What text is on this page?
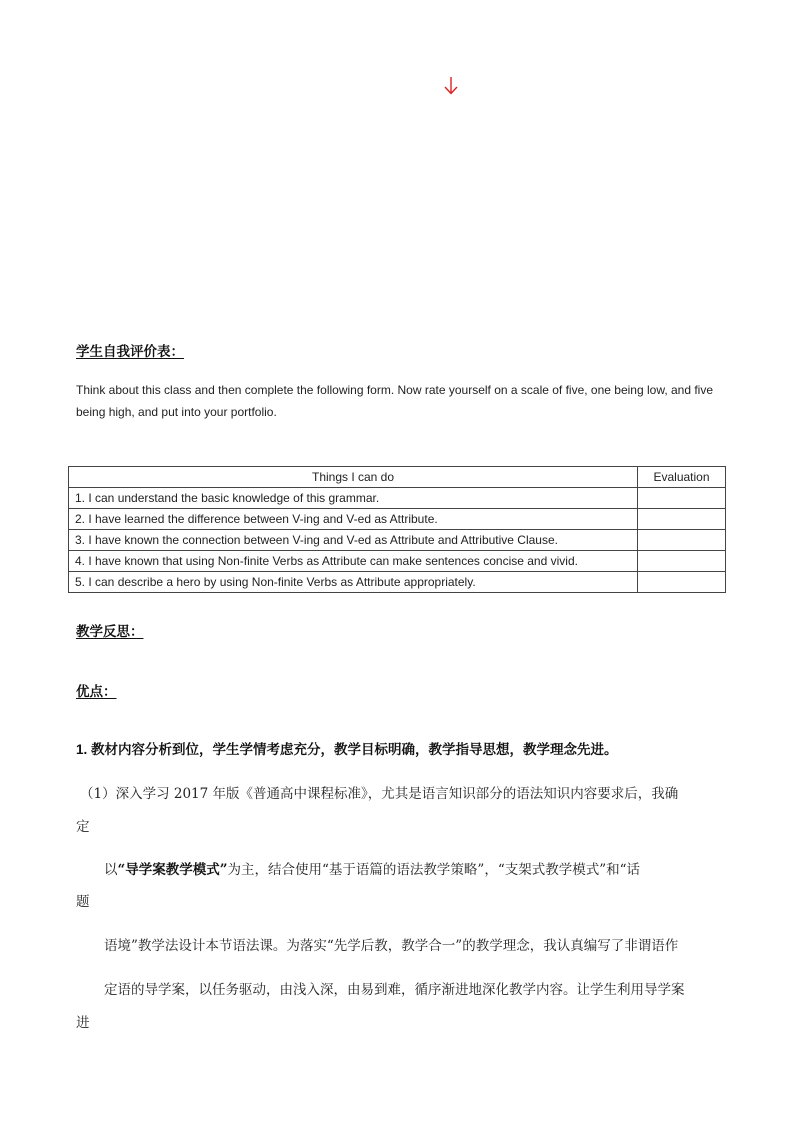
学生自我评价表：
Think about this class and then complete the following form. Now rate yourself on a scale of five, one being low, and five being high, and put into your portfolio.
Things I can do	Evaluation
1. I can understand the basic knowledge of this grammar.	
2. I have learned the difference between V-ing and V-ed as Attribute.	
3. I have known the connection between V-ing and V-ed as Attribute and Attributive Clause.	
4. I have known that using Non-finite Verbs as Attribute can make sentences concise and vivid.	
5. I can describe a hero by using Non-finite Verbs as Attribute appropriately.	
教学反思：
优点：
1. 教材内容分析到位，学生学情考虑充分，教学目标明确，教学指导思想，教学理念先进。
（1）深入学习 2017 年版《普通高中课程标准》，尤其是语言知识部分的语法知识内容要求后，我确
定
以“导学案教学模式”为主，结合使用“基于语篇的语法教学策略”，“支架式教学模式”和“话
题
语境”教学法设计本节语法课。为落实“先学后教，教学合一”的教学理念，我认真编写了非谓语作
定语的导学案，以任务驱动，由浅入深，由易到难，循序渐进地深化教学内容。让学生利用导学案
进
